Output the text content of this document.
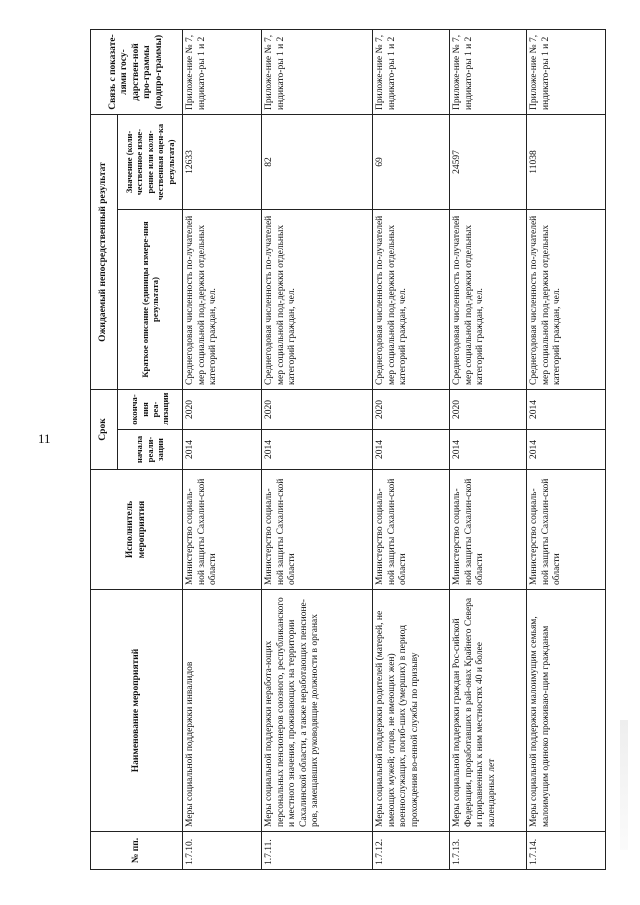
11
№ пп.	Наименование мероприятий	Исполнитель мероприятия	Срок		Ожидаемый непосредственный результат		Связь с показате-лями госу-дарствен-ной про-граммы (подпро-граммы)
			начала реали-зации	оконча-ния реа-лизации	Краткое описание (единицы измере-ния результата)	Значение (коли-чественное изме-рение или коли-чественная оцен-ка результата)	
1.7.10.	Меры социальной поддержки инвалидов	Министерство социаль-ной защиты Сахалин-ской области	2014	2020	Среднегодовая численность по-лучателей мер социальной под-держки отдельных категорий граждан, чел.	12633	Приложе-ние № 7, индикато-ры 1 и 2
1.7.11.	Меры социальной поддержки неработа-ющих персональных пенсионеров союзного, республиканского и местного значения, проживающих на территории Сахалинской области, а также неработающих пенсионе-ров, замещавших руководящие должности в органах	Министерство социаль-ной защиты Сахалин-ской области	2014	2020	Среднегодовая численность по-лучателей мер социальной под-держки отдельных категорий граждан, чел.	82	Приложе-ние № 7, индикато-ры 1 и 2
1.7.12.	Меры социальной поддержки родителей (матерей, не имеющих мужей; отцов, не имеющих жен) военнослужащих, погиб-ших (умерших) в период прохождения во-енной службы по призыву	Министерство социаль-ной защиты Сахалин-ской области	2014	2020	Среднегодовая численность по-лучателей мер социальной под-держки отдельных категорий граждан, чел.	69	Приложе-ние № 7, индикато-ры 1 и 2
1.7.13.	Меры социальной поддержки граждан Рос-сийской Федерации, проработавших в рай-онах Крайнего Севера и приравненных к ним местностях 40 и более календарных лет	Министерство социаль-ной защиты Сахалин-ской области	2014	2020	Среднегодовая численность по-лучателей мер социальной под-держки отдельных категорий граждан, чел.	24597	Приложе-ние № 7, индикато-ры 1 и 2
1.7.14.	Меры социальной поддержки малоимущим семьям, малоимущим одиноко проживаю-щим гражданам	Министерство социаль-ной защиты Сахалин-ской области	2014	2014	Среднегодовая численность по-лучателей мер социальной под-держки отдельных категорий граждан, чел.	11038	Приложе-ние № 7, индикато-ры 1 и 2
